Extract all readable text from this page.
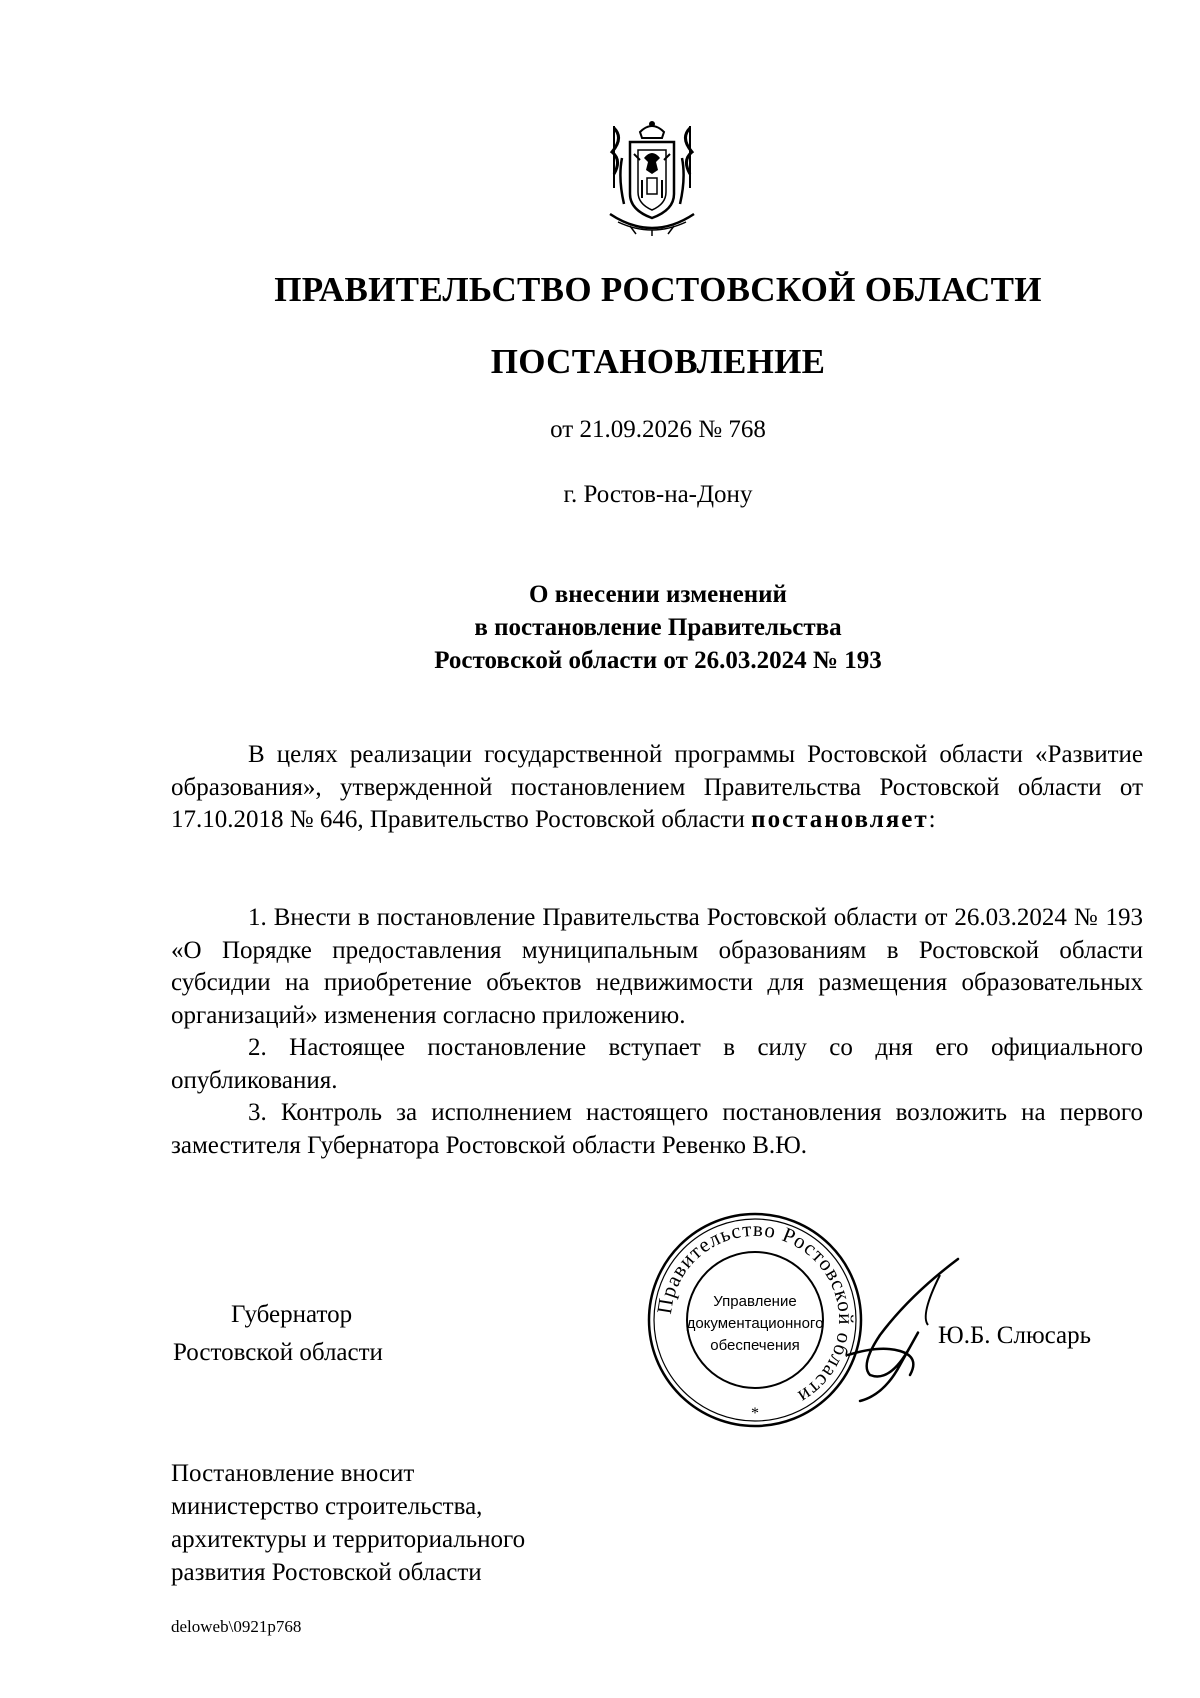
ПРАВИТЕЛЬСТВО РОСТОВСКОЙ ОБЛАСТИ
ПОСТАНОВЛЕНИЕ
от 21.09.2026 № 768
г. Ростов-на-Дону
О внесении изменений
в постановление Правительства
Ростовской области от 26.03.2024 № 193
В целях реализации государственной программы Ростовской области «Развитие образования», утвержденной постановлением Правительства Ростовской области от 17.10.2018 № 646, Правительство Ростовской области постановляет:
1. Внести в постановление Правительства Ростовской области от 26.03.2024 № 193 «О Порядке предоставления муниципальным образованиям в Ростовской области субсидии на приобретение объектов недвижимости для размещения образовательных организаций» изменения согласно приложению.
2. Настоящее постановление вступает в силу со дня его официального опубликования.
3. Контроль за исполнением настоящего постановления возложить на первого заместителя Губернатора Ростовской области Ревенко В.Ю.
Губернатор
Ростовской области
Правительство Ростовской области
Управление
документационного
обеспечения
*
Ю.Б. Слюсарь
Постановление вносит
министерство строительства,
архитектуры и территориального
развития Ростовской области
deloweb\0921p768
